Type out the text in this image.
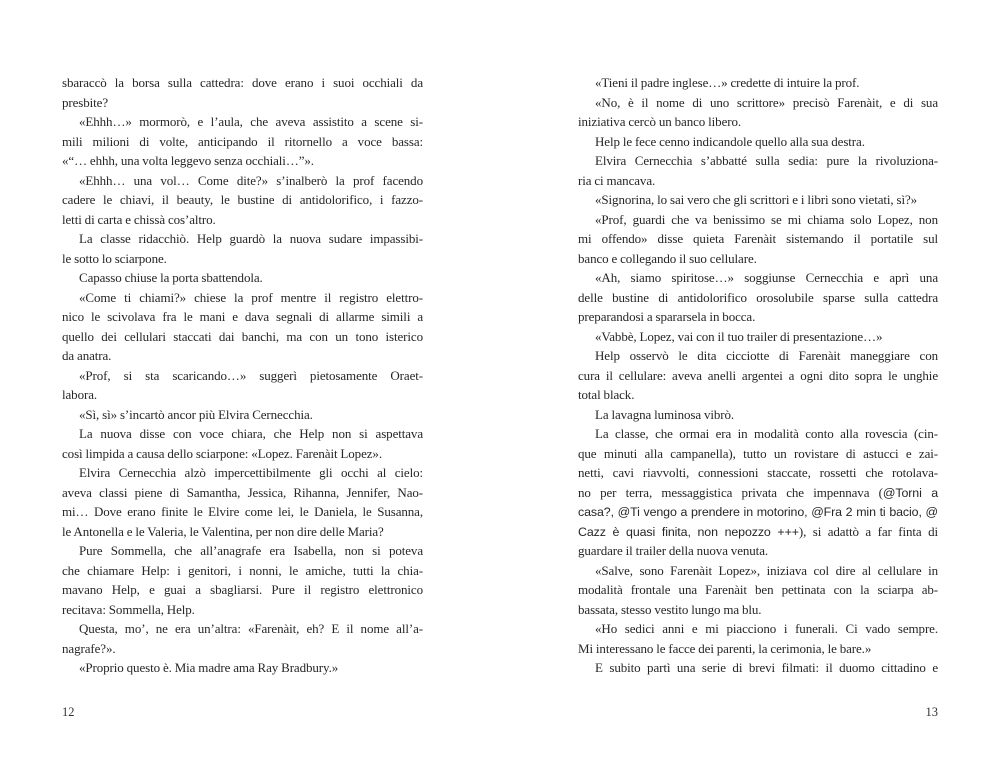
sbaraccò la borsa sulla cattedra: dove erano i suoi occhiali da
presbite?
«Ehhh…» mormorò, e l’aula, che aveva assistito a scene si-
mili milioni di volte, anticipando il ritornello a voce bassa:
«“… ehhh, una volta leggevo senza occhiali…”».
«Ehhh… una vol… Come dite?» s’inalberò la prof facendo
cadere le chiavi, il beauty, le bustine di antidolorifico, i fazzo-
letti di carta e chissà cos’altro.
La classe ridacchiò. Help guardò la nuova sudare impassibi-
le sotto lo sciarpone.
Capasso chiuse la porta sbattendola.
«Come ti chiami?» chiese la prof mentre il registro elettro-
nico le scivolava fra le mani e dava segnali di allarme simili a
quello dei cellulari staccati dai banchi, ma con un tono isterico
da anatra.
«Prof, si sta scaricando…» suggerì pietosamente Oraet-
labora.
«Sì, sì» s’incartò ancor più Elvira Cernecchia.
La nuova disse con voce chiara, che Help non si aspettava
così limpida a causa dello sciarpone: «Lopez. Farenàit Lopez».
Elvira Cernecchia alzò impercettibilmente gli occhi al cielo:
aveva classi piene di Samantha, Jessica, Rihanna, Jennifer, Nao-
mi… Dove erano finite le Elvire come lei, le Daniela, le Susanna,
le Antonella e le Valeria, le Valentina, per non dire delle Maria?
Pure Sommella, che all’anagrafe era Isabella, non si poteva
che chiamare Help: i genitori, i nonni, le amiche, tutti la chia-
mavano Help, e guai a sbagliarsi. Pure il registro elettronico
recitava: Sommella, Help.
Questa, mo’, ne era un’altra: «Farenàit, eh? E il nome all’a-
nagrafe?».
«Proprio questo è. Mia madre ama Ray Bradbury.»
12
«Tieni il padre inglese…» credette di intuire la prof.
«No, è il nome di uno scrittore» precisò Farenàit, e di sua
iniziativa cercò un banco libero.
Help le fece cenno indicandole quello alla sua destra.
Elvira Cernecchia s’abbatté sulla sedia: pure la rivoluziona-
ria ci mancava.
«Signorina, lo sai vero che gli scrittori e i libri sono vietati, sì?»
«Prof, guardi che va benissimo se mi chiama solo Lopez, non
mi offendo» disse quieta Farenàit sistemando il portatile sul
banco e collegando il suo cellulare.
«Ah, siamo spiritose…» soggiunse Cernecchia e aprì una
delle bustine di antidolorifico orosolubile sparse sulla cattedra
preparandosi a spararsela in bocca.
«Vabbè, Lopez, vai con il tuo trailer di presentazione…»
Help osservò le dita cicciotte di Farenàit maneggiare con
cura il cellulare: aveva anelli argentei a ogni dito sopra le unghie
total black.
La lavagna luminosa vibrò.
La classe, che ormai era in modalità conto alla rovescia (cin-
que minuti alla campanella), tutto un rovistare di astucci e zai-
netti, cavi riavvolti, connessioni staccate, rossetti che rotolava-
no per terra, messaggistica privata che impennava (@Torni a
casa?, @Ti vengo a prendere in motorino, @Fra 2 min ti bacio, @
Cazz è quasi finita, non nepozzo +++), si adattò a far finta di
guardare il trailer della nuova venuta.
«Salve, sono Farenàit Lopez», iniziava col dire al cellulare in
modalità frontale una Farenàit ben pettinata con la sciarpa ab-
bassata, stesso vestito lungo ma blu.
«Ho sedici anni e mi piacciono i funerali. Ci vado sempre.
Mi interessano le facce dei parenti, la cerimonia, le bare.»
E subito partì una serie di brevi filmati: il duomo cittadino e
13
